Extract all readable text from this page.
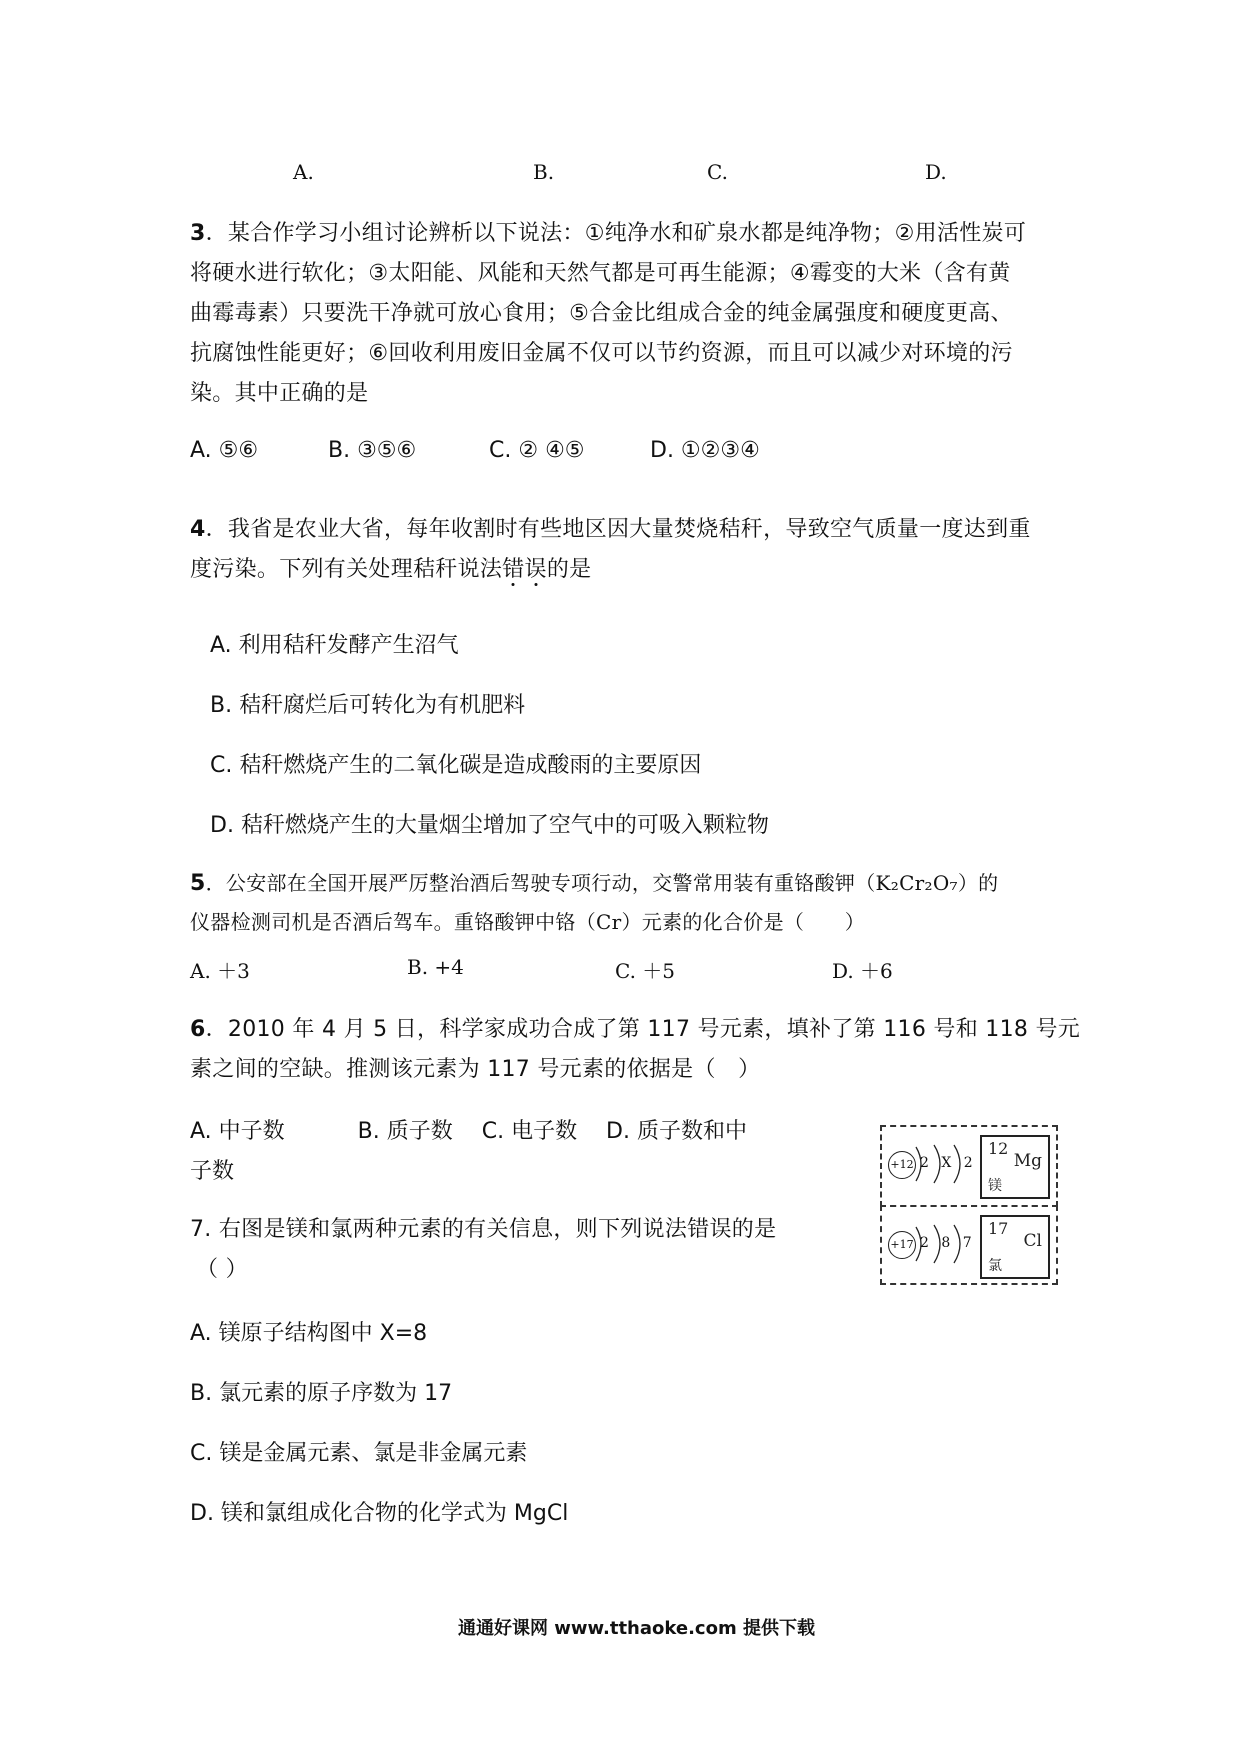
A.	B.	C.	D.
3．某合作学习小组讨论辨析以下说法：①纯净水和矿泉水都是纯净物；②用活性炭可
将硬水进行软化；③太阳能、风能和天然气都是可再生能源；④霉变的大米（含有黄
曲霉毒素）只要洗干净就可放心食用；⑤合金比组成合金的纯金属强度和硬度更高、
抗腐蚀性能更好；⑥回收利用废旧金属不仅可以节约资源，而且可以减少对环境的污
染。其中正确的是
A. ⑤⑥	B. ③⑤⑥	C. ② ④⑤	D. ①②③④
4．我省是农业大省，每年收割时有些地区因大量焚烧秸秆，导致空气质量一度达到重
度污染。下列有关处理秸秆说法错误的是
A. 利用秸秆发酵产生沼气
B. 秸秆腐烂后可转化为有机肥料
C. 秸秆燃烧产生的二氧化碳是造成酸雨的主要原因
D. 秸秆燃烧产生的大量烟尘增加了空气中的可吸入颗粒物
5．公安部在全国开展严厉整治酒后驾驶专项行动，交警常用装有重铬酸钾（K₂Cr₂O₇）的
仪器检测司机是否酒后驾车。重铬酸钾中铬（Cr）元素的化合价是（　　）
A. ＋3	B. +4	C. ＋5	D. ＋6
6．2010 年 4 月 5 日，科学家成功合成了第 117 号元素，填补了第 116 号和 118 号元
素之间的空缺。推测该元素为 117 号元素的依据是（　）
A. 中子数　　　 B. 质子数　 C. 电子数　 D. 质子数和中
子数
7. 右图是镁和氯两种元素的有关信息，则下列说法错误的是
（ ）
A. 镁原子结构图中 X=8
B. 氯元素的原子序数为 17
C. 镁是金属元素、氯是非金属元素
D. 镁和氯组成化合物的化学式为 MgCl
+12 2 X 2
12
Mg
镁
+17 2 8 7
17
Cl
氯
通通好课网 www.tthaoke.com 提供下载
